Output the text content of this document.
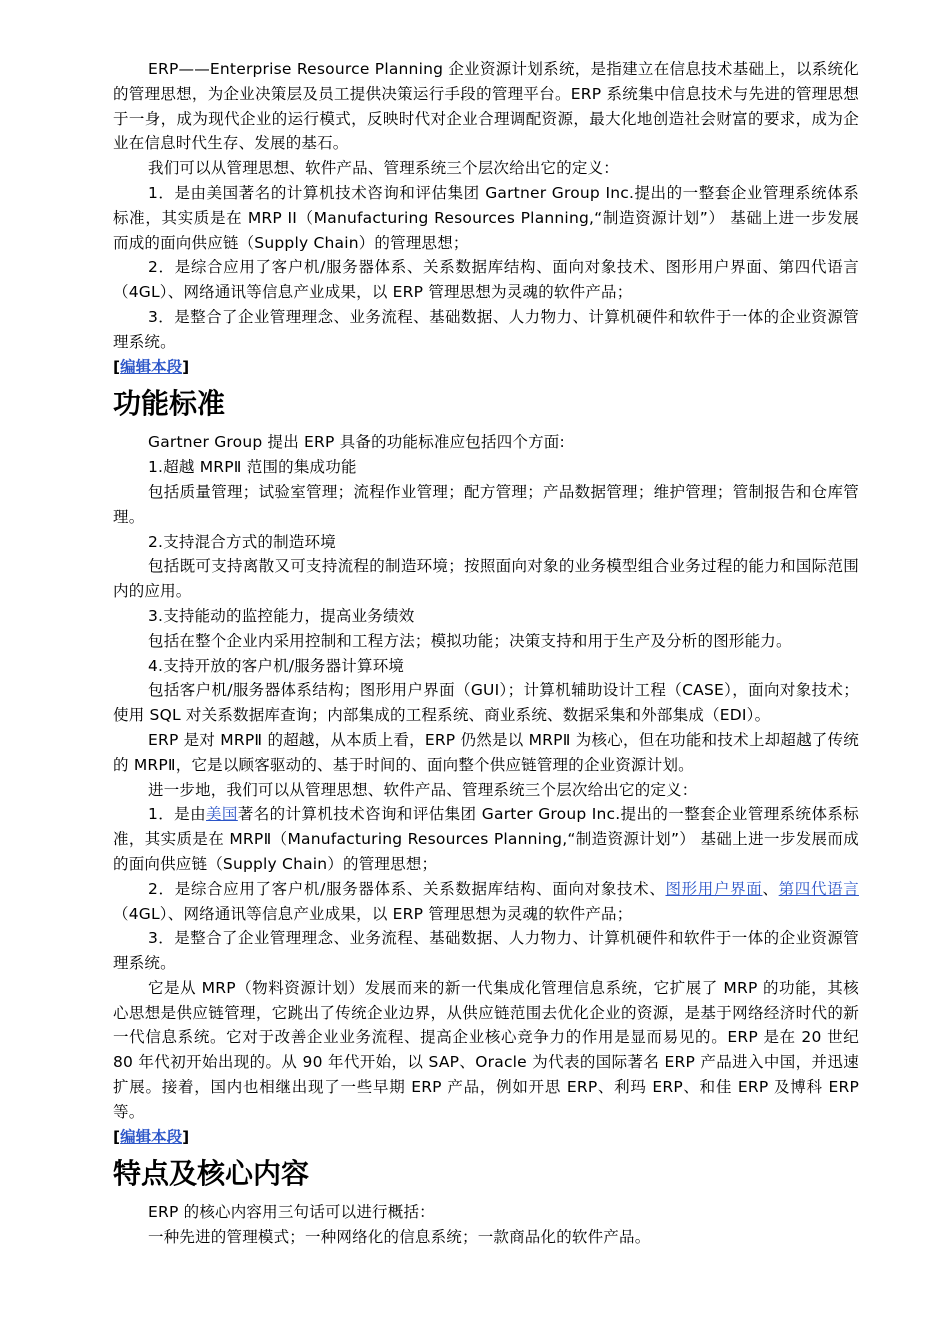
ERP——Enterprise Resource Planning 企业资源计划系统，是指建立在信息技术基础上，以系统化的管理思想，为企业决策层及员工提供决策运行手段的管理平台。ERP 系统集中信息技术与先进的管理思想于一身，成为现代企业的运行模式，反映时代对企业合理调配资源，最大化地创造社会财富的要求，成为企业在信息时代生存、发展的基石。

我们可以从管理思想、软件产品、管理系统三个层次给出它的定义：

1．是由美国著名的计算机技术咨询和评估集团 Gartner Group Inc.提出的一整套企业管理系统体系标准，其实质是在 MRP II（Manufacturing Resources Planning,“制造资源计划”） 基础上进一步发展而成的面向供应链（Supply Chain）的管理思想；

2．是综合应用了客户机/服务器体系、关系数据库结构、面向对象技术、图形用户界面、第四代语言（4GL）、网络通讯等信息产业成果，以 ERP 管理思想为灵魂的软件产品；

3．是整合了企业管理理念、业务流程、基础数据、人力物力、计算机硬件和软件于一体的企业资源管理系统。

[编辑本段]
功能标准

Gartner Group 提出 ERP 具备的功能标准应包括四个方面:

1.超越 MRPⅡ 范围的集成功能

包括质量管理；试验室管理；流程作业管理；配方管理；产品数据管理；维护管理；管制报告和仓库管理。

2.支持混合方式的制造环境

包括既可支持离散又可支持流程的制造环境；按照面向对象的业务模型组合业务过程的能力和国际范围内的应用。

3.支持能动的监控能力，提高业务绩效

包括在整个企业内采用控制和工程方法；模拟功能；决策支持和用于生产及分析的图形能力。

4.支持开放的客户机/服务器计算环境

包括客户机/服务器体系结构；图形用户界面（GUI）；计算机辅助设计工程（CASE），面向对象技术；使用 SQL 对关系数据库查询；内部集成的工程系统、商业系统、数据采集和外部集成（EDI）。

ERP 是对 MRPⅡ 的超越，从本质上看，ERP 仍然是以 MRPⅡ 为核心，但在功能和技术上却超越了传统的 MRPⅡ，它是以顾客驱动的、基于时间的、面向整个供应链管理的企业资源计划。

进一步地，我们可以从管理思想、软件产品、管理系统三个层次给出它的定义：

1．是由美国著名的计算机技术咨询和评估集团 Garter Group Inc.提出的一整套企业管理系统体系标准，其实质是在 MRPⅡ（Manufacturing Resources Planning,“制造资源计划”） 基础上进一步发展而成的面向供应链（Supply Chain）的管理思想；

2．是综合应用了客户机/服务器体系、关系数据库结构、面向对象技术、图形用户界面、第四代语言（4GL）、网络通讯等信息产业成果，以 ERP 管理思想为灵魂的软件产品；

3．是整合了企业管理理念、业务流程、基础数据、人力物力、计算机硬件和软件于一体的企业资源管理系统。

它是从 MRP（物料资源计划）发展而来的新一代集成化管理信息系统，它扩展了 MRP 的功能，其核心思想是供应链管理，它跳出了传统企业边界，从供应链范围去优化企业的资源，是基于网络经济时代的新一代信息系统。它对于改善企业业务流程、提高企业核心竞争力的作用是显而易见的。ERP 是在 20 世纪 80 年代初开始出现的。从 90 年代开始，以 SAP、Oracle 为代表的国际著名 ERP 产品进入中国，并迅速扩展。接着，国内也相继出现了一些早期 ERP 产品，例如开思 ERP、利玛 ERP、和佳 ERP 及博科 ERP 等。

[编辑本段]
特点及核心内容

ERP 的核心内容用三句话可以进行概括：

一种先进的管理模式；一种网络化的信息系统；一款商品化的软件产品。
